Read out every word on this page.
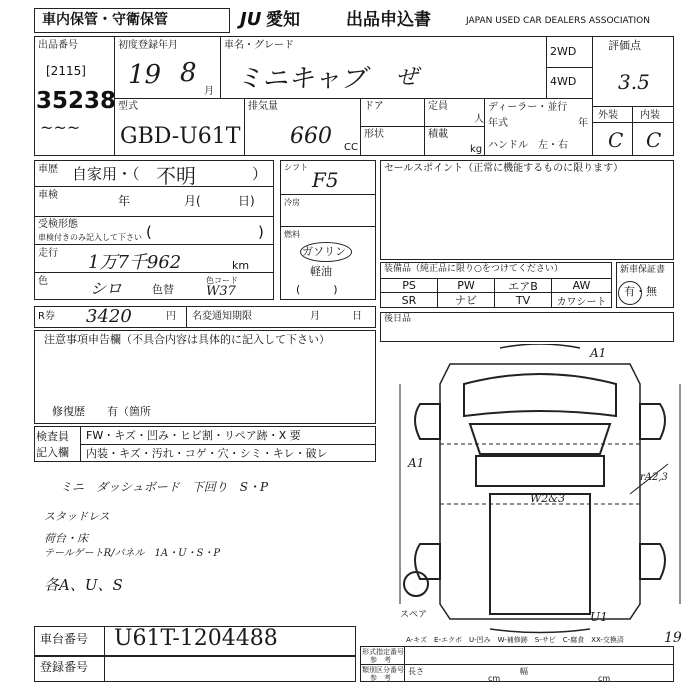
車内保管・守衛保管	JU 愛知	出品申込書	JAPAN USED CAR DEALERS ASSOCIATION
出品番号
[2115]
35238
~~~
初度登録年月
19 8
月
車名・グレード
ミニキャブ ぜ
2WD
4WD
評価点
3.5
外装 内装
C C
型式
GBD-U61T
排気量
660 CC
ドア
形状
定員
人
積載
kg
ディーラー・並行
年式	年
ハンドル　左・右
車歴 自家用・（ 不明	）
車検	年	月(	日)
受検形態
車検付きのみ記入して下さい (	)
走行 1万7千962	km
色	シロ	色替
色コード
W37
シフト
F5
冷房
燃料
ガソリン
軽油
(　　　)
セールスポイント（正常に機能するものに限ります）
装備品（純正品に限り○をつけてください）
PS	PW	エアB	AW
SR	ナビ	TV	カワシート
新車保証書
有・無
R券 3420	円 名変通知期限	月	日 後日品
注意事項申告欄（不具合内容は具体的に記入して下さい）
修復歴　　有（箇所
検査員
記入欄
FW・キズ・凹み・ヒビ割・リペア跡・X 要
内装・キズ・汚れ・コゲ・穴・シミ・キレ・破レ
ミニ　ダッシュボード　下回り　S・P
スタッドレス
荷台・床
テールゲートR/パネル　1A・U・S・P
各A、U、S
A1
A1
W2&3
rA2,3
スペア	U1
A-キズ　E-エクボ　U-凹み　W-補修跡　S-サビ　C-腐食　XX-交換済
車台番号 U61T-1204488
登録番号
形式指定番号
参　考
類別区分番号
参　考
長さ	幅
cm	cm
19
